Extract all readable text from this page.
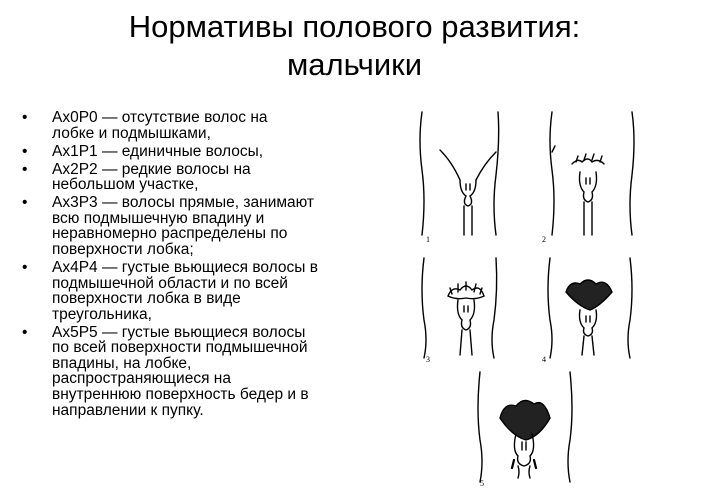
Нормативы полового развития:
мальчики
• Ax0P0 — отсутствие волос на
лобке и подмышками,
• Ax1P1 — единичные волосы,
• Ax2P2 — редкие волосы на
небольшом участке,
• Ax3P3 — волосы прямые, занимают
всю подмышечную впадину и
неравномерно распределены по
поверхности лобка;
• Ax4P4 — густые вьющиеся волосы в
подмышечной области и по всей
поверхности лобка в виде
треугольника,
• Ax5P5 — густые вьющиеся волосы
по всей поверхности подмышечной
впадины, на лобке,
распространяющиеся на
внутреннюю поверхность бедер и в
направлении к пупку.
1	2
3	4
5
